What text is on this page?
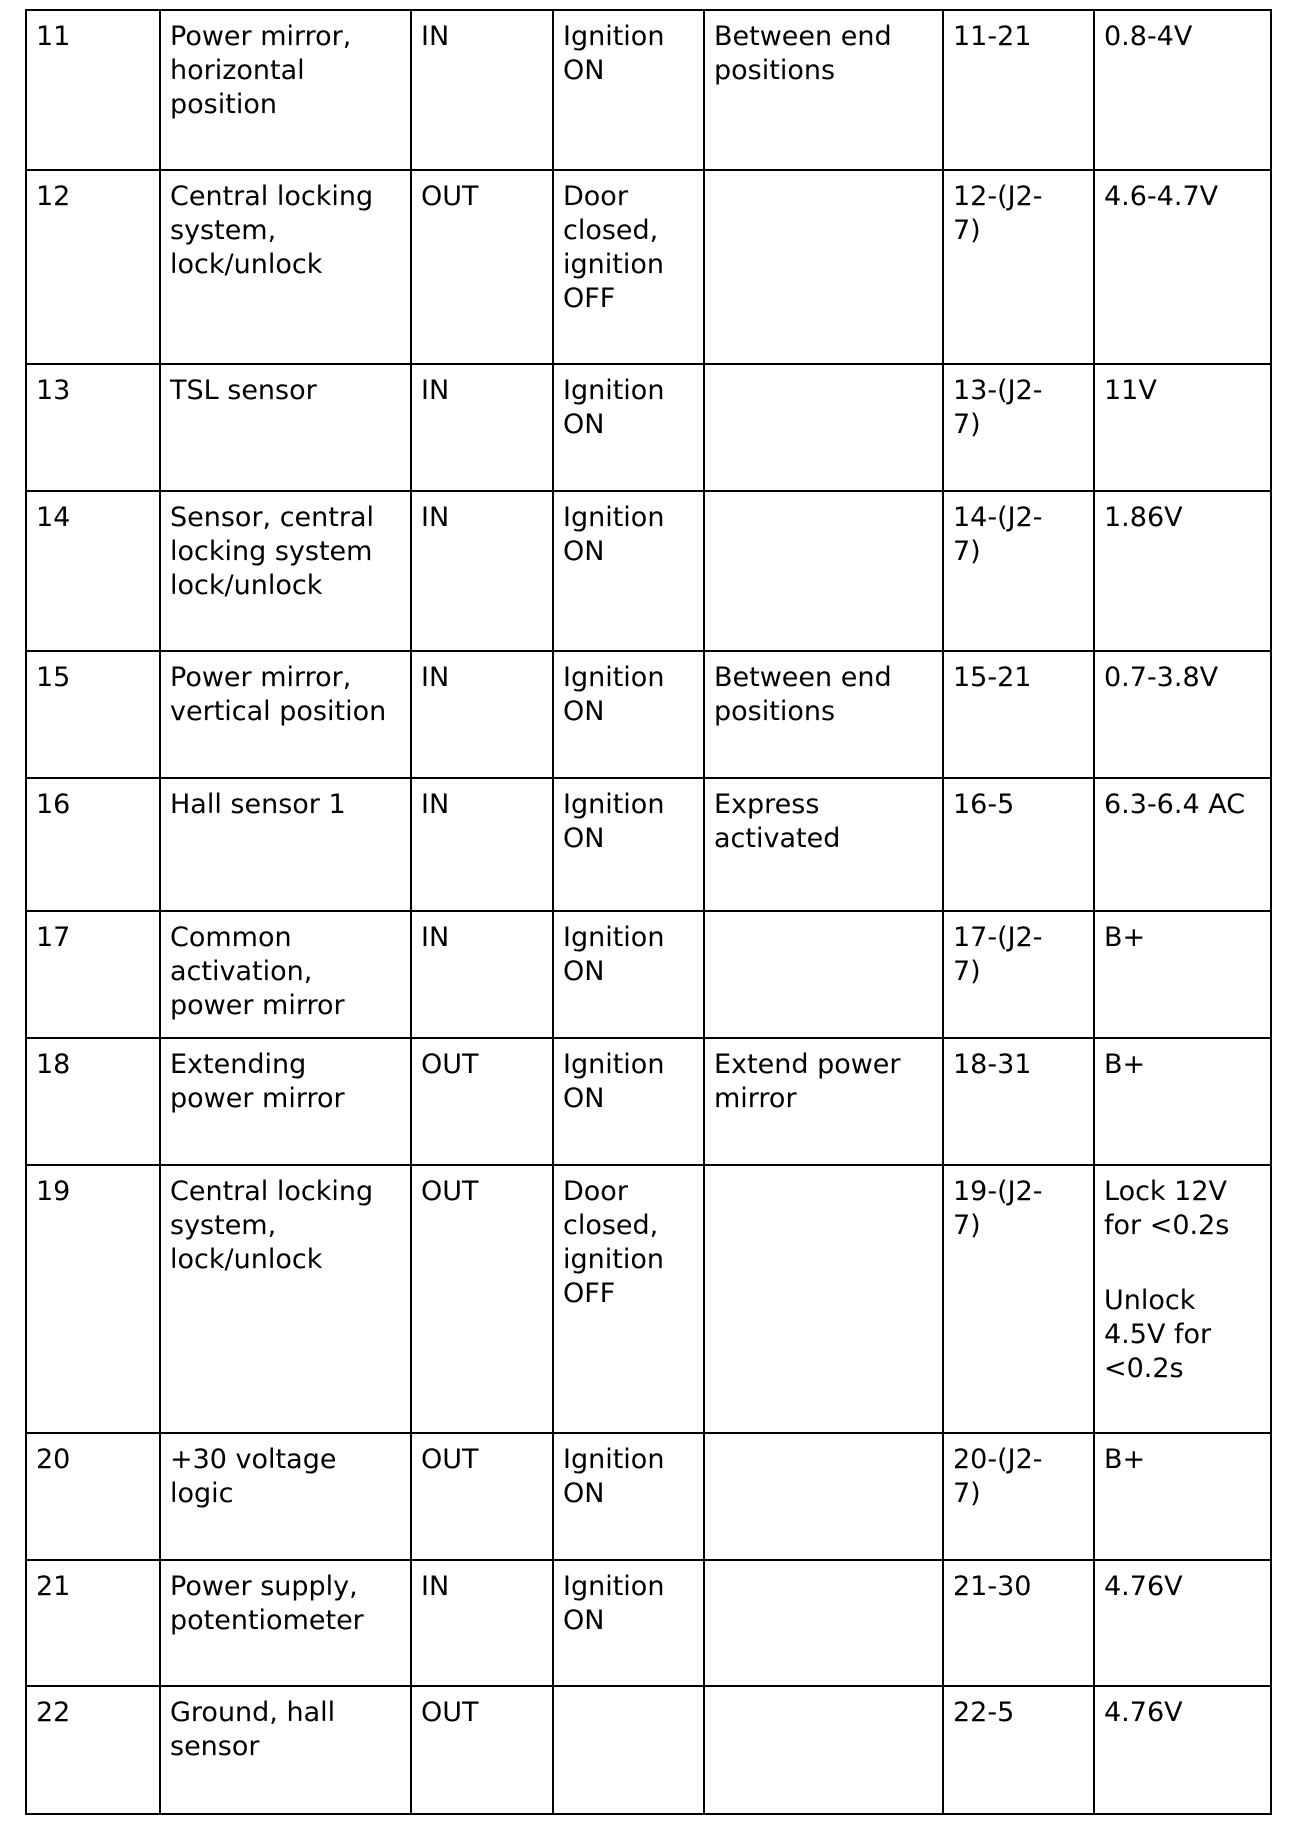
11	Power mirror,
horizontal
position	IN	Ignition
ON	Between end
positions	11-21	0.8-4V

12	Central locking
system,
lock/unlock	OUT	Door
closed,
ignition
OFF		12-(J2-
7)	4.6-4.7V

13	TSL sensor	IN	Ignition
ON		13-(J2-
7)	11V

14	Sensor, central
locking system
lock/unlock	IN	Ignition
ON		14-(J2-
7)	1.86V

15	Power mirror,
vertical position	IN	Ignition
ON	Between end
positions	15-21	0.7-3.8V

16	Hall sensor 1	IN	Ignition
ON	Express
activated	16-5	6.3-6.4 AC

17	Common
activation,
power mirror	IN	Ignition
ON		17-(J2-
7)	B+

18	Extending
power mirror	OUT	Ignition
ON	Extend power
mirror	18-31	B+

19	Central locking
system,
lock/unlock	OUT	Door
closed,
ignition
OFF		19-(J2-
7)	Lock 12V
for <0.2s
Unlock
4.5V for
<0.2s

20	+30 voltage
logic	OUT	Ignition
ON		20-(J2-
7)	B+

21	Power supply,
potentiometer	IN	Ignition
ON		21-30	4.76V

22	Ground, hall
sensor	OUT			22-5	4.76V
